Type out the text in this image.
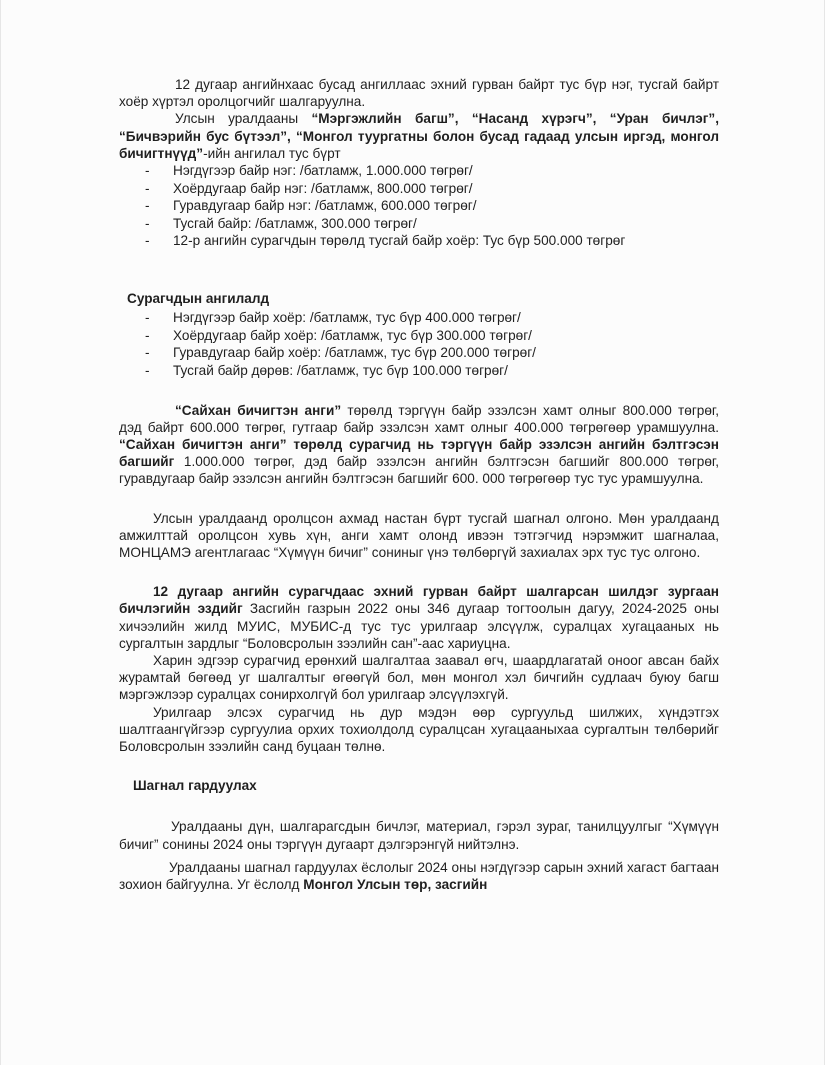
12 дугаар ангийнхаас бусад ангиллаас эхний гурван байрт тус бүр нэг, тусгай байрт хоёр хүртэл оролцогчийг шалгаруулна.

Улсын уралдааны “Мэргэжлийн багш”, “Насанд хүрэгч”, “Уран бичлэг”, “Бичвэрийн бус бүтээл”, “Монгол туургатны болон бусад гадаад улсын иргэд, монгол бичигтнүүд”-ийн ангилал тус бүрт

- Нэгдүгээр байр нэг: /батламж, 1.000.000 төгрөг/
- Хоёрдугаар байр нэг: /батламж, 800.000 төгрөг/
- Гуравдугаар байр нэг: /батламж, 600.000 төгрөг/
- Тусгай байр: /батламж, 300.000 төгрөг/
- 12-р ангийн сурагчдын төрөлд тусгай байр хоёр: Тус бүр 500.000 төгрөг
Сурагчдын ангилалд
- Нэгдүгээр байр хоёр: /батламж, тус бүр 400.000 төгрөг/
- Хоёрдугаар байр хоёр: /батламж, тус бүр 300.000 төгрөг/
- Гуравдугаар байр хоёр: /батламж, тус бүр 200.000 төгрөг/
- Тусгай байр дөрөв: /батламж, тус бүр 100.000 төгрөг/

“Сайхан бичигтэн анги” төрөлд тэргүүн байр эзэлсэн хамт олныг 800.000 төгрөг, дэд байрт 600.000 төгрөг, гутгаар байр эзэлсэн хамт олныг 400.000 төгрөгөөр урамшуулна. “Сайхан бичигтэн анги” төрөлд сурагчид нь тэргүүн байр эзэлсэн ангийн бэлтгэсэн багшийг 1.000.000 төгрөг, дэд байр эзэлсэн ангийн бэлтгэсэн багшийг 800.000 төгрөг, гуравдугаар байр эзэлсэн ангийн бэлтгэсэн багшийг 600. 000 төгрөгөөр тус тус урамшуулна.

Улсын уралдаанд оролцсон ахмад настан бүрт тусгай шагнал олгоно. Мөн уралдаанд амжилттай оролцсон хувь хүн, анги хамт олонд ивээн тэтгэгчид нэрэмжит шагналаа, МОНЦАМЭ агентлагаас “Хүмүүн бичиг” сониныг үнэ төлбөргүй захиалах эрх тус тус олгоно.

12 дугаар ангийн сурагчдаас эхний гурван байрт шалгарсан шилдэг зургаан бичлэгийн эздийг Засгийн газрын 2022 оны 346 дугаар тогтоолын дагуу, 2024-2025 оны хичээлийн жилд МУИС, МУБИС-д тус тус урилгаар элсүүлж, суралцах хугацааных нь сургалтын зардлыг “Боловсролын зээлийн сан”-аас хариуцна.

Харин эдгээр сурагчид ерөнхий шалгалтаа заавал өгч, шаардлагатай оноог авсан байх журамтай бөгөөд уг шалгалтыг өгөөгүй бол, мөн монгол хэл бичгийн судлаач буюу багш мэргэжлээр суралцах сонирхолгүй бол урилгаар элсүүлэхгүй.

Урилгаар элсэх сурагчид нь дур мэдэн өөр сургуульд шилжих, хүндэтгэх шалтгаангүйгээр сургуулиа орхих тохиолдолд суралцсан хугацааныхаа сургалтын төлбөрийг Боловсролын зээлийн санд буцаан төлнө.

Шагнал гардуулах

Уралдааны дүн, шалгарагсдын бичлэг, материал, гэрэл зураг, танилцуулгыг “Хүмүүн бичиг” сонины 2024 оны тэргүүн дугаарт дэлгэрэнгүй нийтэлнэ.

Уралдааны шагнал гардуулах ёслолыг 2024 оны нэгдүгээр сарын эхний хагаст багтаан зохион байгуулна. Уг ёслолд Монгол Улсын төр, засгийн
